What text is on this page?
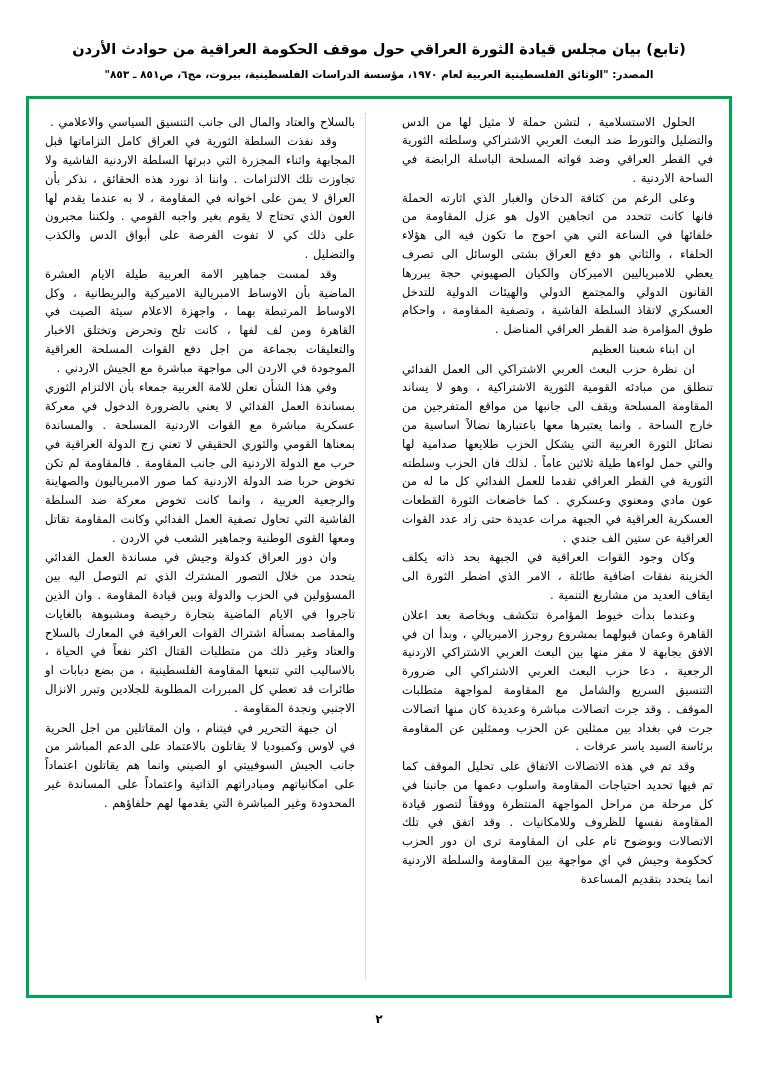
(تابع) بيان مجلس قيادة الثورة العراقي حول موقف الحكومة العراقية من حوادث الأردن
المصدر: "الوثائق الفلسطينية العربية لعام ١٩٧٠، مؤسسة الدراسات الفلسطينية، بيروت، مج٦، ص٨٥١ ـ ٨٥٣"

الحلول الاستسلامية ، لتشن حملة لا مثيل لها من الدس والتضليل والتورط ضد البعث العربي الاشتراكي وسلطته الثورية في القطر العراقي وضد قواته المسلحة الباسلة الرابضة في الساحة الاردنية .

وعلى الرغم من كثافة الدخان والغبار الذي اثارته الحملة فانها كانت تتحدد من اتجاهين الاول هو عزل المقاومة من خلفائها في الساعة التي هي احوج ما تكون فيه الى هؤلاء الحلفاء ، والثاني هو دفع العراق بشتى الوسائل الى تصرف يعطي للامبرياليين الاميركان والكيان الصهيوني حجة يبررها القانون الدولي والمجتمع الدولي والهيئات الدولية للتدخل العسكري لاتقاذ السلطة الفاشية ، وتصفية المقاومة ، واحكام طوق المؤامرة ضد القطر العراقي المناضل .

ان ابناء شعبنا العظيم

ان نظرة حزب البعث العربي الاشتراكي الى العمل الفدائي تنطلق من مبادئه القومية الثورية الاشتراكية ، وهو لا يساند المقاومة المسلحة ويقف الى جانبها من مواقع المتفرجين من خارج الساحة . وانما يعتبرها معها باعتبارها نضالاً اساسية من نضائل الثورة العربية التي يشكل الحزب طلايعها صدامية لها والتي حمل لواءها طيلة ثلاثين عاماً . لذلك فان الحزب وسلطته الثورية في القطر العراقي تقدما للعمل الفدائي كل ما له من عون مادي ومعنوي وعسكري . كما خاضعات الثورة القطعات العسكرية العراقية في الجبهة مرات عديدة حتى زاد عدد القوات العراقية عن ستين الف جندي .

وكان وجود القوات العراقية في الجبهة بحد ذاته يكلف الخزينة نفقات اضافية طائلة ، الامر الذي اضطر الثورة الى ايقاف العديد من مشاريع التنمية .

وعندما بدأت خيوط المؤامرة تتكشف وبخاصة بعد اعلان القاهرة وعمان قبولهما بمشروع روجرز الامبريالي ، وبدأ ان في الافق بجابهة لا مفر منها بين البعث العربي الاشتراكي الاردنية الرجعية ، دعا حزب البعث العربي الاشتراكي الى ضرورة التنسيق السريع والشامل مع المقاومة لمواجهة متطلبات الموقف . وقد جرت اتصالات مباشرة وعديدة كان منها اتصالات جرت في بغداد بين ممثلين عن الحزب وممثلين عن المقاومة برئاسة السيد ياسر عرفات .

وقد تم في هذه الاتصالات الاتفاق على تحليل الموقف كما تم فيها تحديد احتياجات المقاومة واسلوب دعمها من جانبنا في كل مرحلة من مراحل المواجهة المنتظرة ووفقاً لتصور قيادة المقاومة نفسها للظروف وللامكانيات . وقد اتفق في تلك الاتصالات وبوضوح تام على ان المقاومة ترى ان دور الحزب كحكومة وجيش في اي مواجهة بين المقاومة والسلطة الاردنية انما يتحدد بتقديم المساعدة

بالسلاح والعتاد والمال الى جانب التنسيق السياسي والاعلامي .

وقد نفذت السلطة الثورية في العراق كامل التزاماتها قبل المجابهة واثناء المجزرة التي دبرتها السلطة الاردنية الفاشية ولا تجاوزت تلك الالتزامات . واننا اذ نورد هذه الحقائق ، نذكر بأن العراق لا يمن على اخوانه في المقاومة ، لا به عندما يقدم لها العون الذي تحتاج لا يقوم بغير واجبه القومي . ولكننا مجبرون على ذلك كي لا تفوت الفرصة على أبواق الدس والكذب والتضليل .

وقد لمست جماهير الامة العربية طيلة الايام العشرة الماضية بأن الاوساط الامبريالية الاميركية والبريطانية ، وكل الاوساط المرتبطة بهما ، واجهزة الاعلام سيئة الصيت في القاهرة ومن لف لفها ، كانت تلح وتحرض وتختلق الاخبار والتعليقات بجماعة من اجل دفع القوات المسلحة العراقية الموجودة في الاردن الى مواجهة مباشرة مع الجيش الاردني .

وفي هذا الشأن نعلن للامة العربية جمعاء بأن الالتزام الثوري بمساندة العمل الفدائي لا يعني بالضرورة الدخول في معركة عسكرية مباشرة مع القوات الاردنية المسلحة . والمساندة بمعناها القومي والثوري الحقيقي لا تعني زج الدولة العراقية في حرب مع الدولة الاردنية الى جانب المقاومة . فالمقاومة لم تكن تخوض حربا ضد الدولة الاردنية كما صور الامبرياليون والصهاينة والرجعية العربية ، وانما كانت تخوض معركة ضد السلطة الفاشية التي تحاول تصفية العمل الفدائي وكانت المقاومة تقاتل ومعها القوى الوطنية وجماهير الشعب في الاردن .

وان دور العراق كدولة وجيش في مساندة العمل الفدائي يتحدد من خلال التصور المشترك الذي تم التوصل اليه بين المسؤولين في الحزب والدولة وبين قيادة المقاومة . وان الذين تاجروا في الايام الماضية بتجارة رخيصة ومشبوهة بالغايات والمقاصد بمسألة اشتراك القوات العراقية في المعارك بالسلاح والعتاد وغير ذلك من متطلبات القتال اكثر نفعاً في الحياة ، بالاساليب التي تتبعها المقاومة الفلسطينية ، من بضع دبابات او طائرات قد تعطي كل المبررات المطلوبة للجلادين وتبرر الانزال الاجنبي ونجدة المقاومة .

ان جبهة التحرير في فيتنام ، وان المقاتلين من اجل الحرية في لاوس وكمبوديا لا يقاتلون بالاعتماد على الدعم المباشر من جانب الجيش السوفييتي او الصيني وانما هم يقاتلون اعتماداً على امكانياتهم ومبادراتهم الذاتية واعتماداً على المساندة غير المحدودة وغير المباشرة التي يقدمها لهم حلفاؤهم .

٢
